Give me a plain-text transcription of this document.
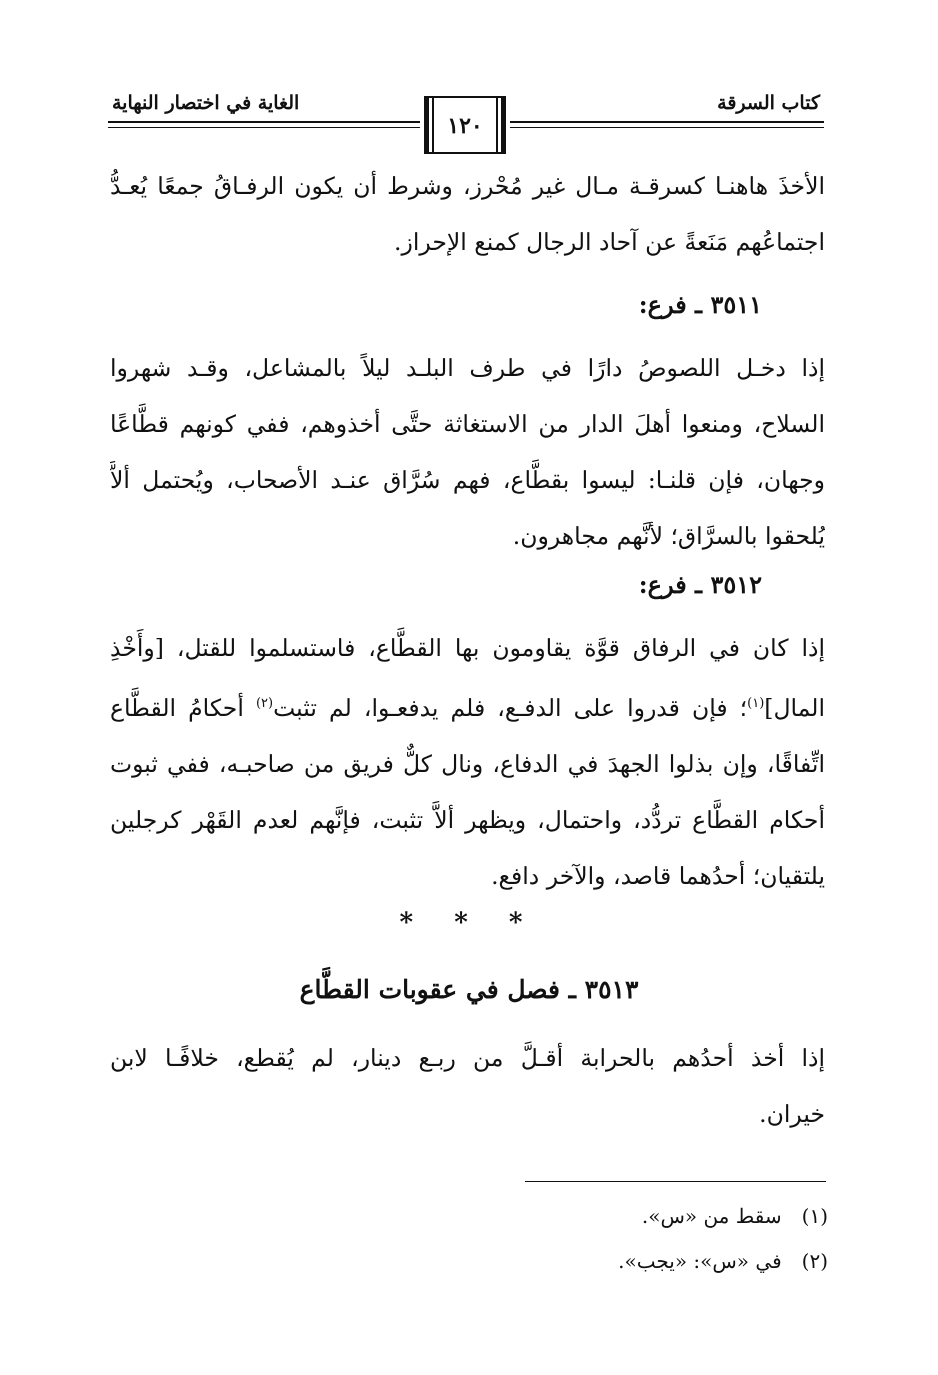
الغاية في اختصار النهاية	كتاب السرقة
١٢٠
الأخذَ هاهنـا كسرقـة مـال غير مُحْرز، وشرط أن يكون الرفـاقُ جمعًا يُعـدُّ
اجتماعُهم مَنَعةً عن آحاد الرجال كمنع الإحراز.
٣٥١١ ـ فرع:
إذا دخـل اللصوصُ دارًا في طرف البلـد ليلاً بالمشاعل، وقـد شهروا
السلاح، ومنعوا أهلَ الدار من الاستغاثة حتَّى أخذوهم، ففي كونهم قطَّاعًا
وجهان، فإن قلنـا: ليسوا بقطَّاع، فهم سُرَّاق عنـد الأصحاب، ويُحتمل ألاَّ
يُلحقوا بالسرَّاق؛ لأنَّهم مجاهرون.
٣٥١٢ ـ فرع:
إذا كان في الرفاق قوَّة يقاومون بها القطَّاع، فاستسلموا للقتل، [وأَخْذِ
المال]$^{(١)}$؛ فإن قدروا على الدفـع، فلم يدفعـوا، لم تثبت$^{(٢)}$ أحكامُ القطَّاع
اتِّفاقًا، وإن بذلوا الجهدَ في الدفاع، ونال كلٌّ فريق من صاحبـه، ففي ثبوت
أحكام القطَّاع تردُّد، واحتمال، ويظهر ألاَّ تثبت، فإنَّهم لعدم القَهْر كرجلين
يلتقيان؛ أحدُهما قاصد، والآخر دافع.
* * *
٣٥١٣ ـ فصل في عقوبات القطَّاع
إذا أخذ أحدُهم بالحرابة أقـلَّ من ربـع دينار، لم يُقطع، خلافًـا لابن
خيران.
(١)سقط من «س».
(٢)في «س»: «يجب».
